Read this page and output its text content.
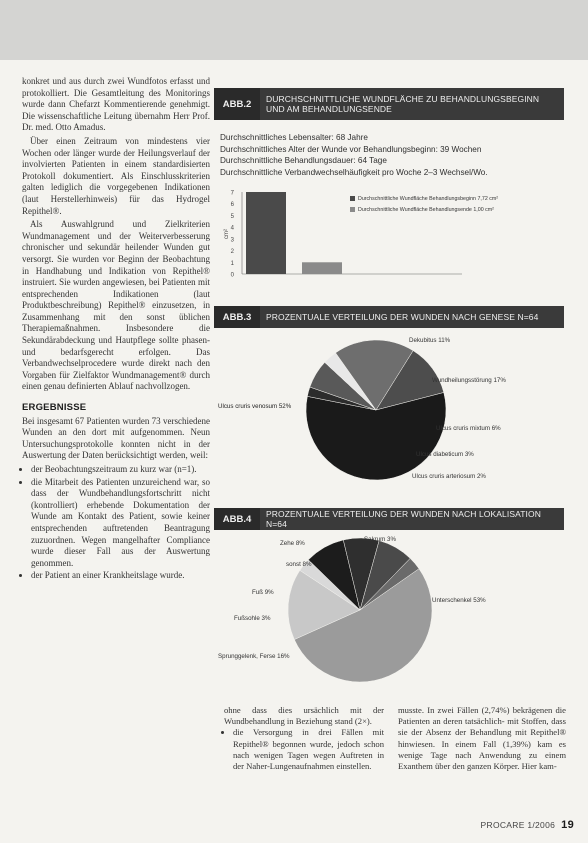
konkret und aus durch zwei Wundfotos erfasst und protokolliert. Die Gesamtleitung des Monitorings wurde dann Chefarzt Kommentierende genehmigt. Die wissenschaftliche Leitung übernahm Herr Prof. Dr. med. Otto Amadus.

Über einen Zeitraum von mindestens vier Wochen oder länger wurde der Heilungsverlauf der involvierten Patienten in einem standardisierten Protokoll dokumentiert. Als Einschlusskriterien galten lediglich die vorgegebenen Indikationen (laut Herstellerhinweis) für das Hydrogel Repithel®.

Als Auswahlgrund und Zielkriterien Wundmanagement und der Weiterverbesserung chronischer und sekundär heilender Wunden gut versorgt. Sie wurden vor Beginn der Beobachtung in Handhabung und Indikation von Repithel® instruiert. Sie wurden angewiesen, bei Patienten mit entsprechenden Indikationen (laut Produktbeschreibung) Repithel® einzusetzen, in Zusammenhang mit den sonst üblichen Therapiemaßnahmen. Insbesondere die Sekundärabdeckung und Hautpflege sollte phasen- und bedarfsgerecht erfolgen. Das Verbandwechselprocedere wurde direkt nach den Vorgaben für Zielfaktor Wundmanagement® durch einen genau definierten Ablauf nachvollzogen.

ERGEBNISSE

Bei insgesamt 67 Patienten wurden 73 verschiedene Wunden an den dort mit aufgenommen. Neun Untersuchungsprotokolle konnten nicht in der Auswertung der Daten berücksichtigt werden, weil:

• der Beobachtungszeitraum zu kurz war (n=1).
• die Mitarbeit des Patienten unzureichend war, so dass der Wundbehandlungsfortschritt nicht (kontrolliert) erhebende Dokumentation der Wunde am Kontakt des Patient, sowie keiner entsprechenden auftretenden Beantragung zuzuordnen. Wegen mangelhafter Compliance wurde dieser Fall aus der Auswertung genommen.
• der Patient an einer Krankheitslage wurde.
ABB.2	DURCHSCHNITTLICHE WUNDFLÄCHE ZU BEHANDLUNGSBEGINN UND AM BEHANDLUNGSENDE
Durchschnittliches Lebensalter: 68 Jahre
Durchschnittliches Alter der Wunde vor Behandlungsbeginn: 39 Wochen
Durchschnittliche Behandlungsdauer: 64 Tage
Durchschnittliche Verbandwechselhäufigkeit pro Woche 2–3 Wechsel/Wo.
0
1
2
3
4
5
6
7
cm²
Durchschnittliche Wundfläche Behandlungsbeginn 7,72 cm²
Durchschnittliche Wundfläche Behandlungsende 1,00 cm²
ABB.3	PROZENTUALE VERTEILUNG DER WUNDEN NACH GENESE N=64
Dekubitus 11%
Ulcus cruris venosum 52%
Ulcus cruris arteriosum 2%
Ulcus cruris mixtum 6%
Ulcus diabeticum 3%
Wundheilungsstörung 17%
ABB.4	PROZENTUALE VERTEILUNG DER WUNDEN NACH LOKALISATION N=64
Unterschenkel 53%
Sprunggelenk, Ferse 16%
Fußsohle 3%
Fuß 9%
sonst 8%
Zehe 8%
Sakrum 3%
ohne dass dies ursächlich mit der Wundbehandlung in Beziehung stand (2×).
• die Versorgung in drei Fällen mit Repithel® begonnen wurde, jedoch schon nach wenigen Tagen wegen Auftreten in der Naher-Lungenaufnahmen einstellen.

musste. In zwei Fällen (2,74%) bekrägenen die Patienten an deren tatsächlich- mit Stoffen, dass sie der Absenz der Behandlung mit Repithel® hinwiesen. In einem Fall (1,39%) kam es wenige Tage nach Anwendung zu einem Exanthem über den ganzen Körper. Hier kam-

PROCARE 1/2006 19
